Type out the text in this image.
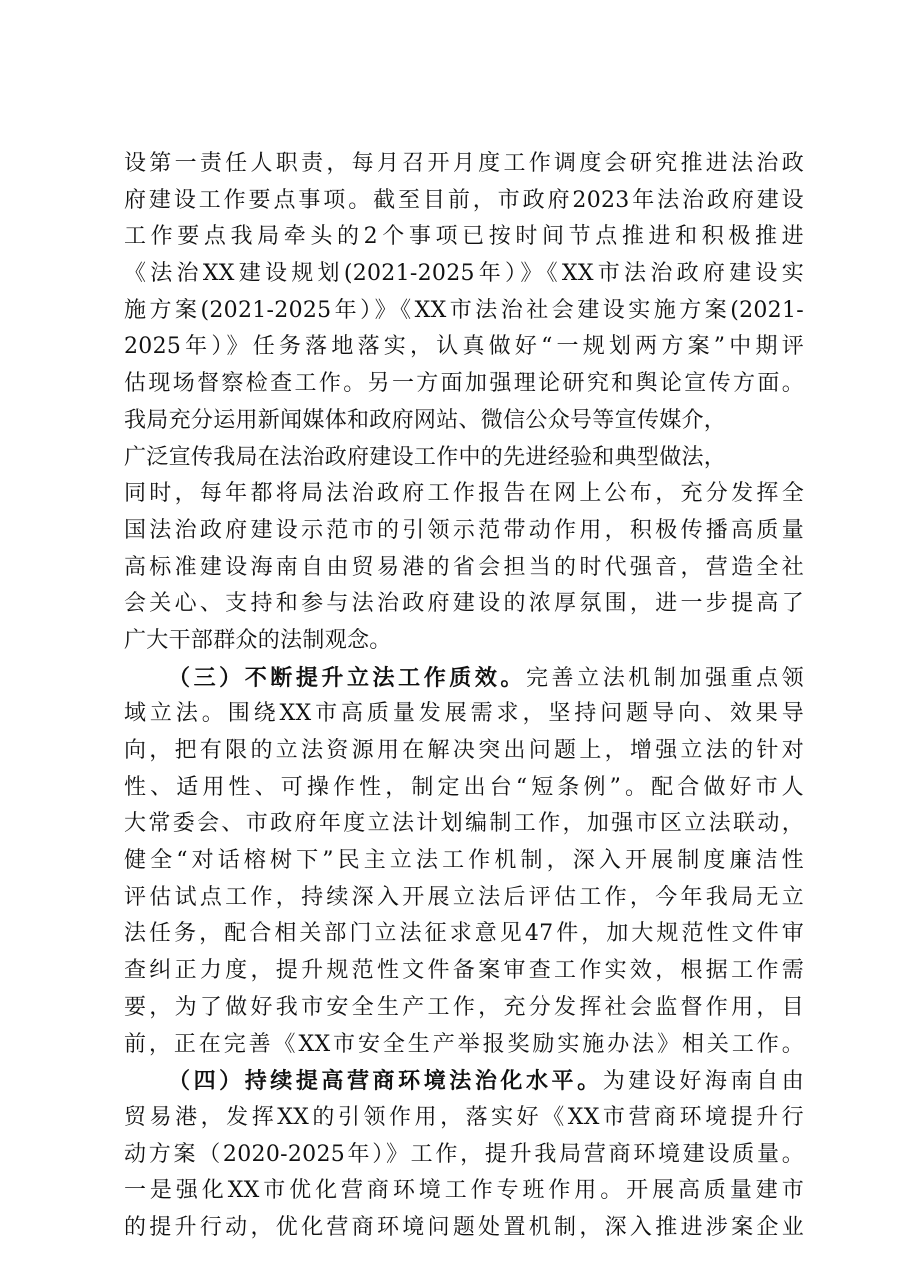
设第一责任人职责，每月召开月度工作调度会研究推进法治政
府建设工作要点事项。截至目前，市政府2023年法治政府建设
工作要点我局牵头的2个事项已按时间节点推进和积极推进
《法治XX建设规划(2021-2025年）》《XX市法治政府建设实
施方案(2021-2025年）》《XX市法治社会建设实施方案(2021-
2025年）》任务落地落实，认真做好“一规划两方案”中期评
估现场督察检查工作。另一方面加强理论研究和舆论宣传方面。
我局充分运用新闻媒体和政府网站、微信公众号等宣传媒介，
广泛宣传我局在法治政府建设工作中的先进经验和典型做法，
同时，每年都将局法治政府工作报告在网上公布，充分发挥全
国法治政府建设示范市的引领示范带动作用，积极传播高质量
高标准建设海南自由贸易港的省会担当的时代强音，营造全社
会关心、支持和参与法治政府建设的浓厚氛围，进一步提高了
广大干部群众的法制观念。
（三）不断提升立法工作质效。完善立法机制加强重点领
域立法。围绕XX市高质量发展需求，坚持问题导向、效果导
向，把有限的立法资源用在解决突出问题上，增强立法的针对
性、适用性、可操作性，制定出台“短条例”。配合做好市人
大常委会、市政府年度立法计划编制工作，加强市区立法联动，
健全“对话榕树下”民主立法工作机制，深入开展制度廉洁性
评估试点工作，持续深入开展立法后评估工作，今年我局无立
法任务，配合相关部门立法征求意见47件，加大规范性文件审
查纠正力度，提升规范性文件备案审查工作实效，根据工作需
要，为了做好我市安全生产工作，充分发挥社会监督作用，目
前，正在完善《XX市安全生产举报奖励实施办法》相关工作。
（四）持续提高营商环境法治化水平。为建设好海南自由
贸易港，发挥XX的引领作用，落实好《XX市营商环境提升行
动方案（2020-2025年）》工作，提升我局营商环境建设质量。
一是强化XX市优化营商环境工作专班作用。开展高质量建市
的提升行动，优化营商环境问题处置机制，深入推进涉案企业
